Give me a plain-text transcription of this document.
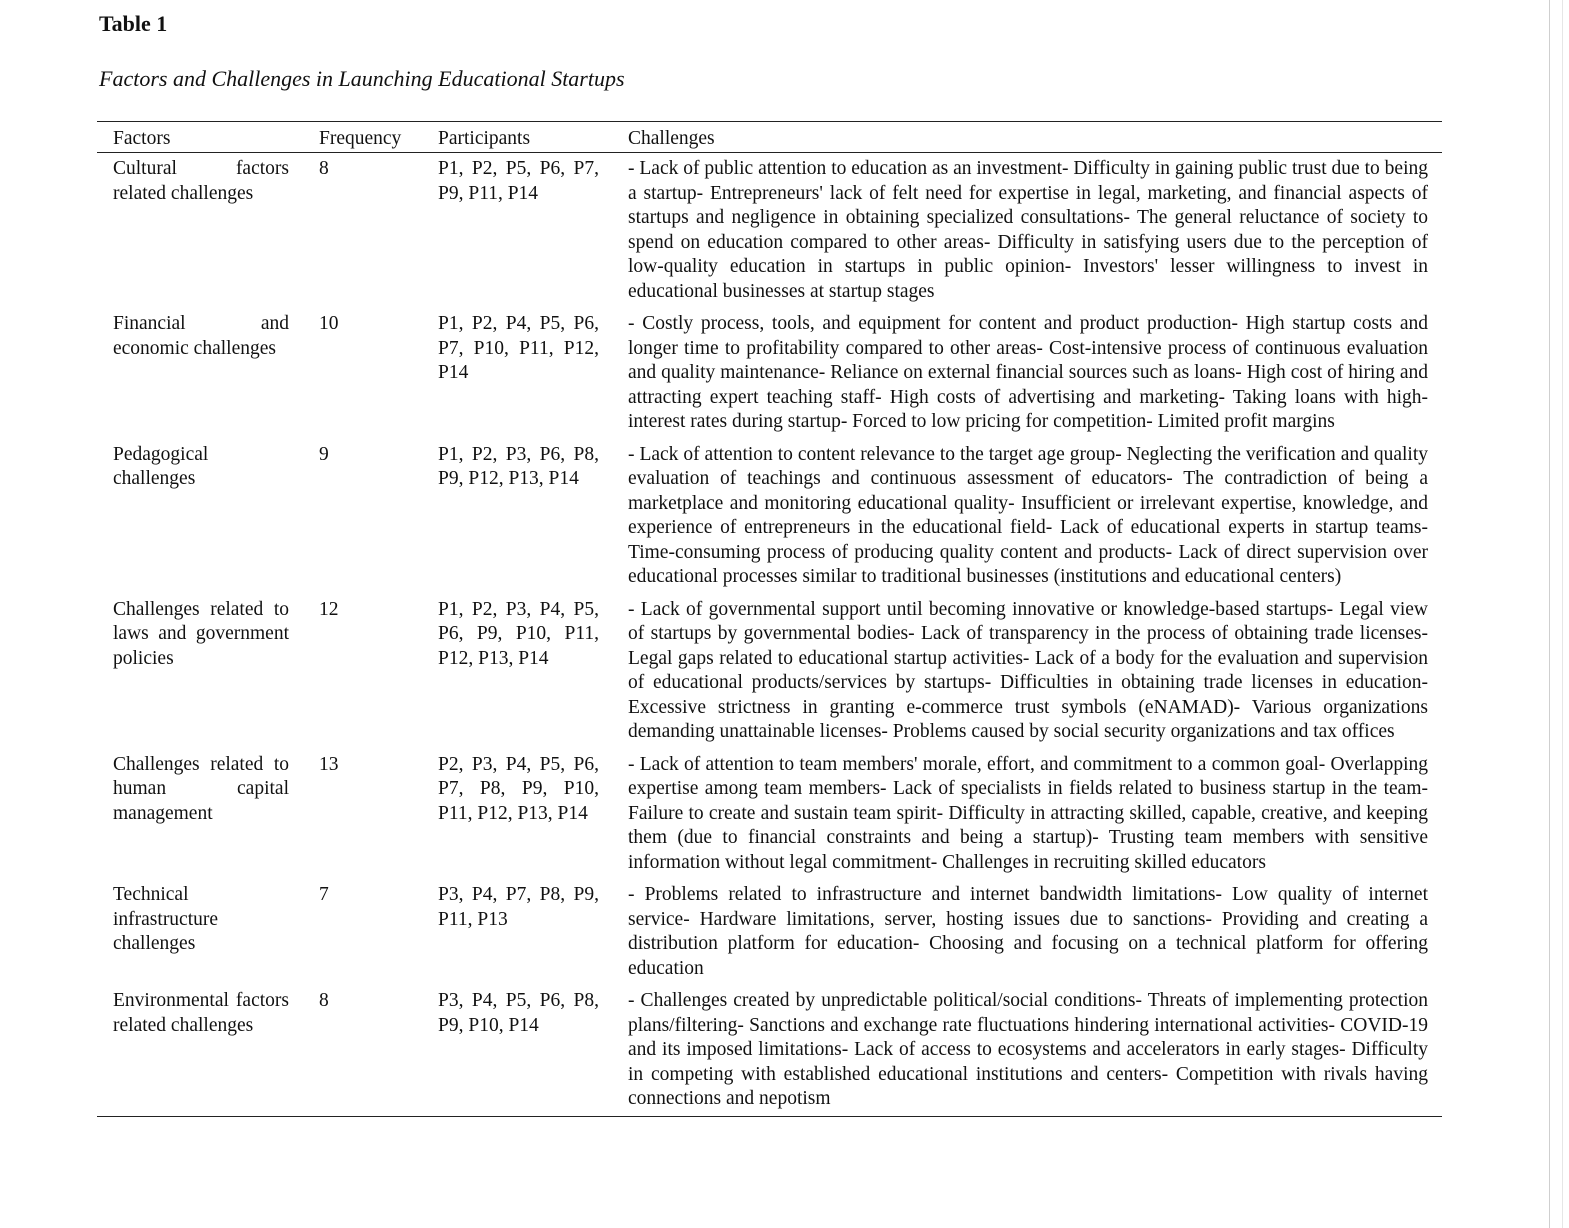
Table 1
Factors and Challenges in Launching Educational Startups
Factors	Frequency	Participants	Challenges

Cultural factors related challenges	8	P1, P2, P5, P6, P7, P9, P11, P14	- Lack of public attention to education as an investment- Difficulty in gaining public trust due to being a startup- Entrepreneurs' lack of felt need for expertise in legal, marketing, and financial aspects of startups and negligence in obtaining specialized consultations- The general reluctance of society to spend on education compared to other areas- Difficulty in satisfying users due to the perception of low-quality education in startups in public opinion- Investors' lesser willingness to invest in educational businesses at startup stages

Financial and economic challenges	10	P1, P2, P4, P5, P6, P7, P10, P11, P12, P14	- Costly process, tools, and equipment for content and product production- High startup costs and longer time to profitability compared to other areas- Cost-intensive process of continuous evaluation and quality maintenance- Reliance on external financial sources such as loans- High cost of hiring and attracting expert teaching staff- High costs of advertising and marketing- Taking loans with high-interest rates during startup- Forced to low pricing for competition- Limited profit margins

Pedagogical challenges	9	P1, P2, P3, P6, P8, P9, P12, P13, P14	- Lack of attention to content relevance to the target age group- Neglecting the verification and quality evaluation of teachings and continuous assessment of educators- The contradiction of being a marketplace and monitoring educational quality- Insufficient or irrelevant expertise, knowledge, and experience of entrepreneurs in the educational field- Lack of educational experts in startup teams- Time-consuming process of producing quality content and products- Lack of direct supervision over educational processes similar to traditional businesses (institutions and educational centers)

Challenges related to laws and government policies	12	P1, P2, P3, P4, P5, P6, P9, P10, P11, P12, P13, P14	- Lack of governmental support until becoming innovative or knowledge-based startups- Legal view of startups by governmental bodies- Lack of transparency in the process of obtaining trade licenses- Legal gaps related to educational startup activities- Lack of a body for the evaluation and supervision of educational products/services by startups- Difficulties in obtaining trade licenses in education- Excessive strictness in granting e-commerce trust symbols (eNAMAD)- Various organizations demanding unattainable licenses- Problems caused by social security organizations and tax offices

Challenges related to human capital management	13	P2, P3, P4, P5, P6, P7, P8, P9, P10, P11, P12, P13, P14	- Lack of attention to team members' morale, effort, and commitment to a common goal- Overlapping expertise among team members- Lack of specialists in fields related to business startup in the team- Failure to create and sustain team spirit- Difficulty in attracting skilled, capable, creative, and keeping them (due to financial constraints and being a startup)- Trusting team members with sensitive information without legal commitment- Challenges in recruiting skilled educators

Technical infrastructure challenges	7	P3, P4, P7, P8, P9, P11, P13	- Problems related to infrastructure and internet bandwidth limitations- Low quality of internet service- Hardware limitations, server, hosting issues due to sanctions- Providing and creating a distribution platform for education- Choosing and focusing on a technical platform for offering education

Environmental factors related challenges	8	P3, P4, P5, P6, P8, P9, P10, P14	- Challenges created by unpredictable political/social conditions- Threats of implementing protection plans/filtering- Sanctions and exchange rate fluctuations hindering international activities- COVID-19 and its imposed limitations- Lack of access to ecosystems and accelerators in early stages- Difficulty in competing with established educational institutions and centers- Competition with rivals having connections and nepotism
